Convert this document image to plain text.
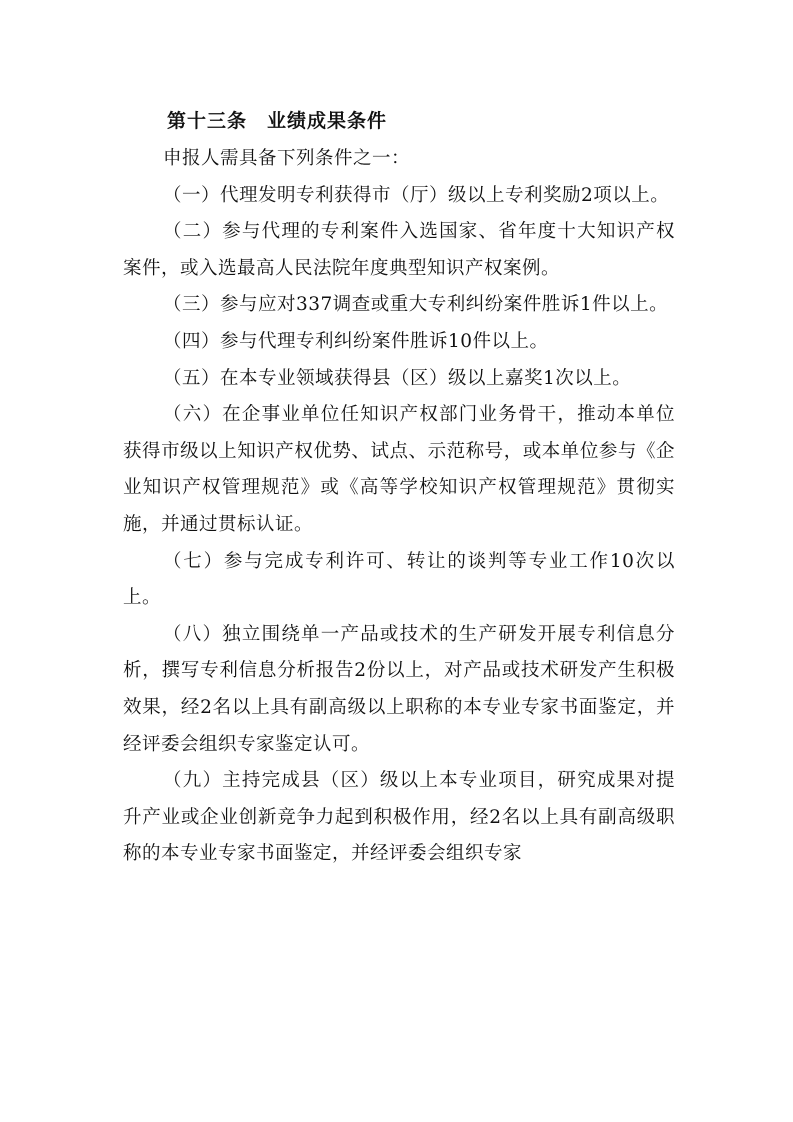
第十三条　业绩成果条件

申报人需具备下列条件之一：

（一）代理发明专利获得市（厅）级以上专利奖励2项以上。

（二）参与代理的专利案件入选国家、省年度十大知识产权案件，或入选最高人民法院年度典型知识产权案例。

（三）参与应对337调查或重大专利纠纷案件胜诉1件以上。

（四）参与代理专利纠纷案件胜诉10件以上。

（五）在本专业领域获得县（区）级以上嘉奖1次以上。

（六）在企事业单位任知识产权部门业务骨干，推动本单位获得市级以上知识产权优势、试点、示范称号，或本单位参与《企业知识产权管理规范》或《高等学校知识产权管理规范》贯彻实施，并通过贯标认证。

（七）参与完成专利许可、转让的谈判等专业工作10次以上。

（八）独立围绕单一产品或技术的生产研发开展专利信息分析，撰写专利信息分析报告2份以上，对产品或技术研发产生积极效果，经2名以上具有副高级以上职称的本专业专家书面鉴定，并经评委会组织专家鉴定认可。

（九）主持完成县（区）级以上本专业项目，研究成果对提升产业或企业创新竞争力起到积极作用，经2名以上具有副高级职称的本专业专家书面鉴定，并经评委会组织专家
